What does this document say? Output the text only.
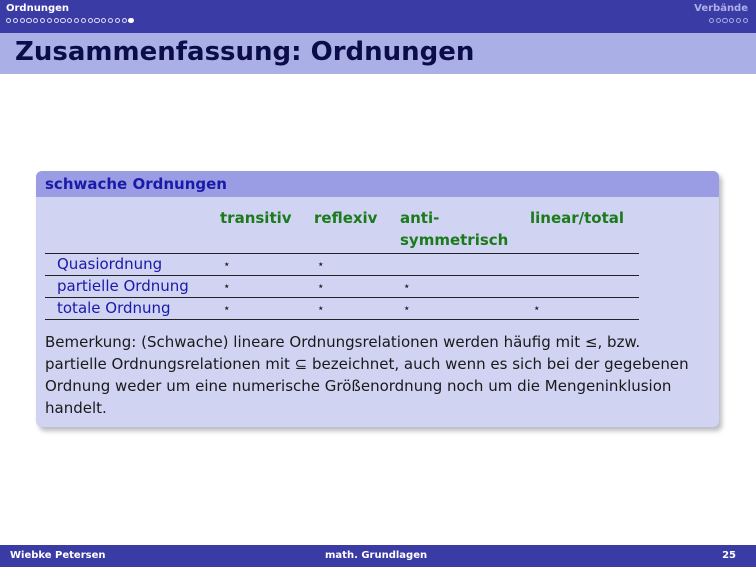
Ordnungen	Verbände
Zusammenfassung: Ordnungen
schwache Ordnungen
transitiv reflexiv anti-
symmetrisch
linear/total
Quasiordnung	⋆	⋆
partielle Ordnung	⋆	⋆	⋆
totale Ordnung	⋆	⋆	⋆	⋆

Bemerkung: (Schwache) lineare Ordnungsrelationen werden häufig mit ≤, bzw. partielle Ordnungsrelationen mit ⊆ bezeichnet, auch wenn es sich bei der gegebenen Ordnung weder um eine numerische Größenordnung noch um die Mengeninklusion handelt.

Wiebke Petersen	math. Grundlagen	25
